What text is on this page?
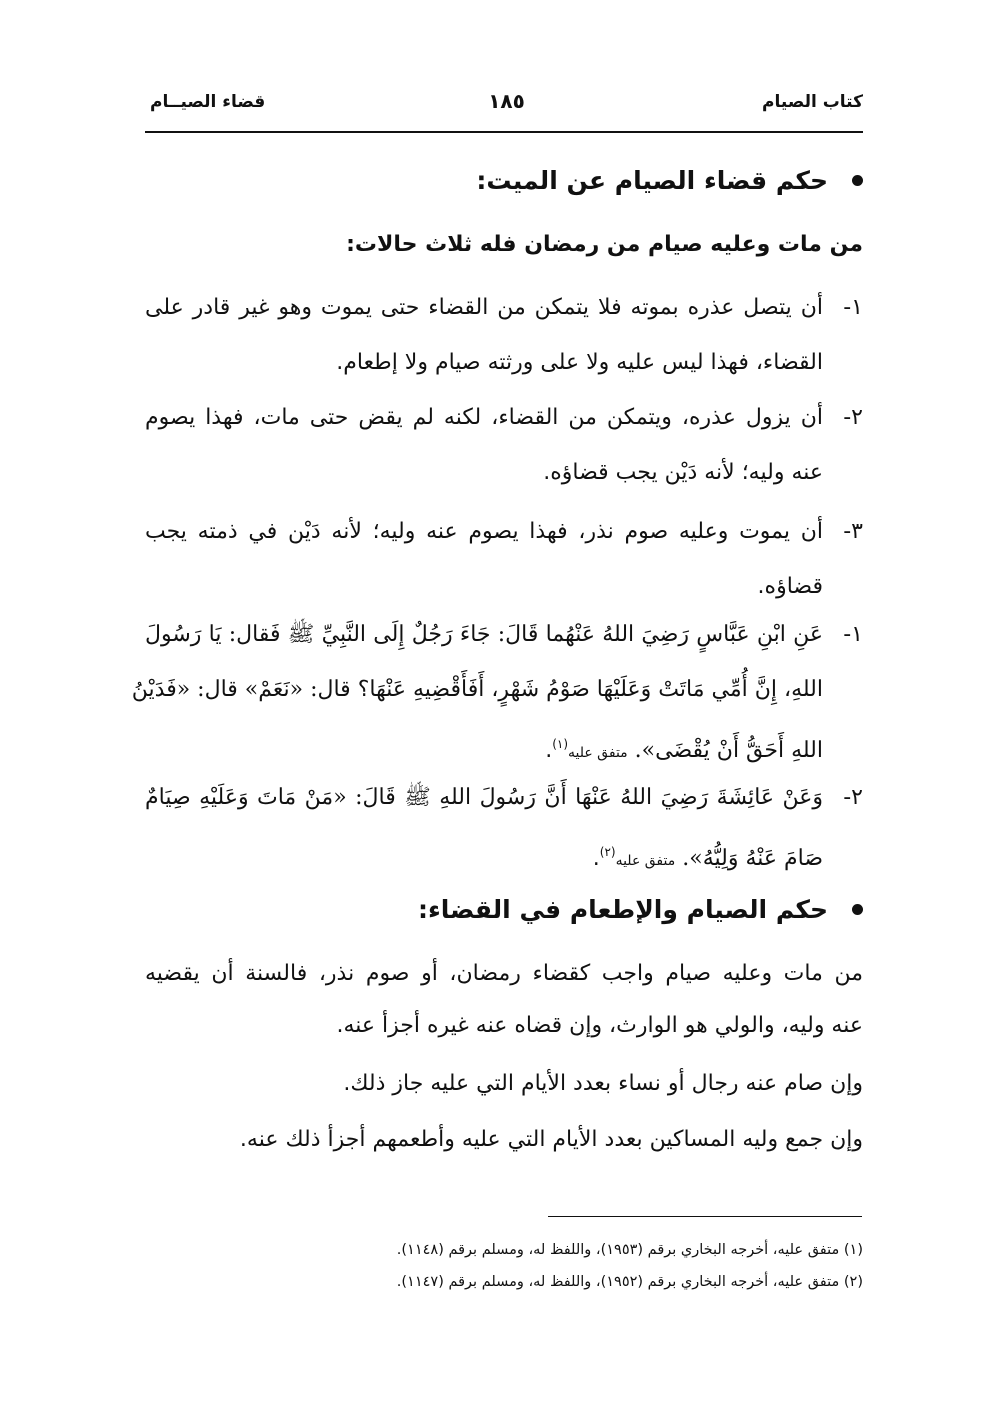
كتاب الصيام
١٨٥
قضاء الصيــام
حكم قضاء الصيام عن الميت:
من مات وعليه صيام من رمضان فله ثلاث حالات:
١-
أن يتصل عذره بموته فلا يتمكن من القضاء حتى يموت وهو غير قادر على
القضاء، فهذا ليس عليه ولا على ورثته صيام ولا إطعام.
٢-
أن يزول عذره، ويتمكن من القضاء، لكنه لم يقض حتى مات، فهذا يصوم
عنه وليه؛ لأنه دَيْن يجب قضاؤه.
٣-
أن يموت وعليه صوم نذر، فهذا يصوم عنه وليه؛ لأنه دَيْن في ذمته يجب
قضاؤه.
١-
عَنِ ابْنِ عَبَّاسٍ رَضِيَ اللهُ عَنْهُما قَالَ: جَاءَ رَجُلٌ إِلَى النَّبِيِّ ﷺ فَقال: يَا رَسُولَ
اللهِ، إِنَّ أُمِّي مَاتَتْ وَعَلَيْهَا صَوْمُ شَهْرٍ، أَفَأَقْضِيهِ عَنْهَا؟ قال: «نَعَمْ» قال: «فَدَيْنُ
اللهِ أَحَقُّ أَنْ يُقْضَى». متفق عليه$^{(١)}$.
٢-
وَعَنْ عَائِشَةَ رَضِيَ اللهُ عَنْهَا أَنَّ رَسُولَ اللهِ ﷺ قَالَ: «مَنْ مَاتَ وَعَلَيْهِ صِيَامٌ
صَامَ عَنْهُ وَلِيُّهُ». متفق عليه$^{(٢)}$.
حكم الصيام والإطعام في القضاء:
من مات وعليه صيام واجب كقضاء رمضان، أو صوم نذر، فالسنة أن يقضيه
عنه وليه، والولي هو الوارث، وإن قضاه عنه غيره أجزأ عنه.
وإن صام عنه رجال أو نساء بعدد الأيام التي عليه جاز ذلك.
وإن جمع وليه المساكين بعدد الأيام التي عليه وأطعمهم أجزأ ذلك عنه.
(١) متفق عليه، أخرجه البخاري برقم (١٩٥٣)، واللفظ له، ومسلم برقم (١١٤٨).
(٢) متفق عليه، أخرجه البخاري برقم (١٩٥٢)، واللفظ له، ومسلم برقم (١١٤٧).
